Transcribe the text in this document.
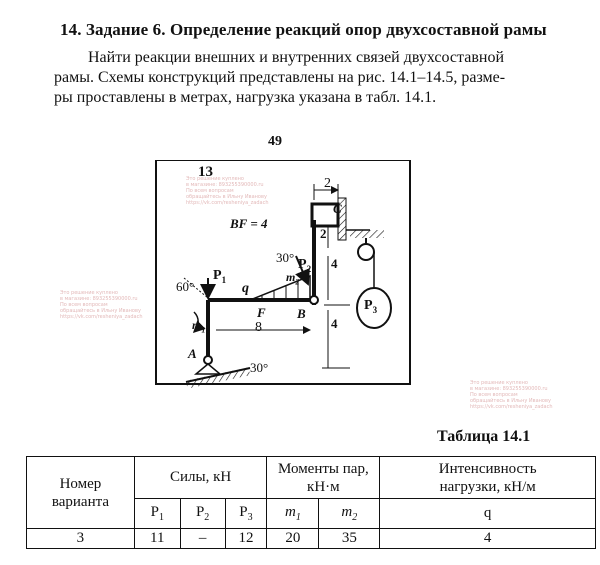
14. Задание 6. Определение реакций опор двухсоставной рамы
Найти реакции внешних и внутренних связей двухсоставной
рамы. Схемы конструкций представлены на рис. 14.1–14.5, разме-
ры проставлены в метрах, нагрузка указана в табл. 14.1.
49
13
2
C
BF = 4
2
30° $P_2$ 4
60°
$P_1$	$m_2$
q
$P_3$
F B
$m_1$	8	4
A
30°
Это решение куплено
в магазине: 893255390000.ru
По всем вопросам
обращайтесь в Ильну Иванову
https://vk.com/resheniya_zadach
Это решение куплено
в магазине: 893255390000.ru
По всем вопросам
обращайтесь в Ильну Иванову
https://vk.com/resheniya_zadach
Это решение куплено
в магазине: 893255390000.ru
По всем вопросам
обращайтесь в Ильну Иванову
https://vk.com/resheniya_zadach
Таблица 14.1
Номер варианта	Силы, кН			Моменты пар, кН·м		Интенсивность нагрузки, кН/м
	$P_1$	$P_2$	$P_3$	$m_1$	$m_2$	q
3	11	–	12	20	35	4
